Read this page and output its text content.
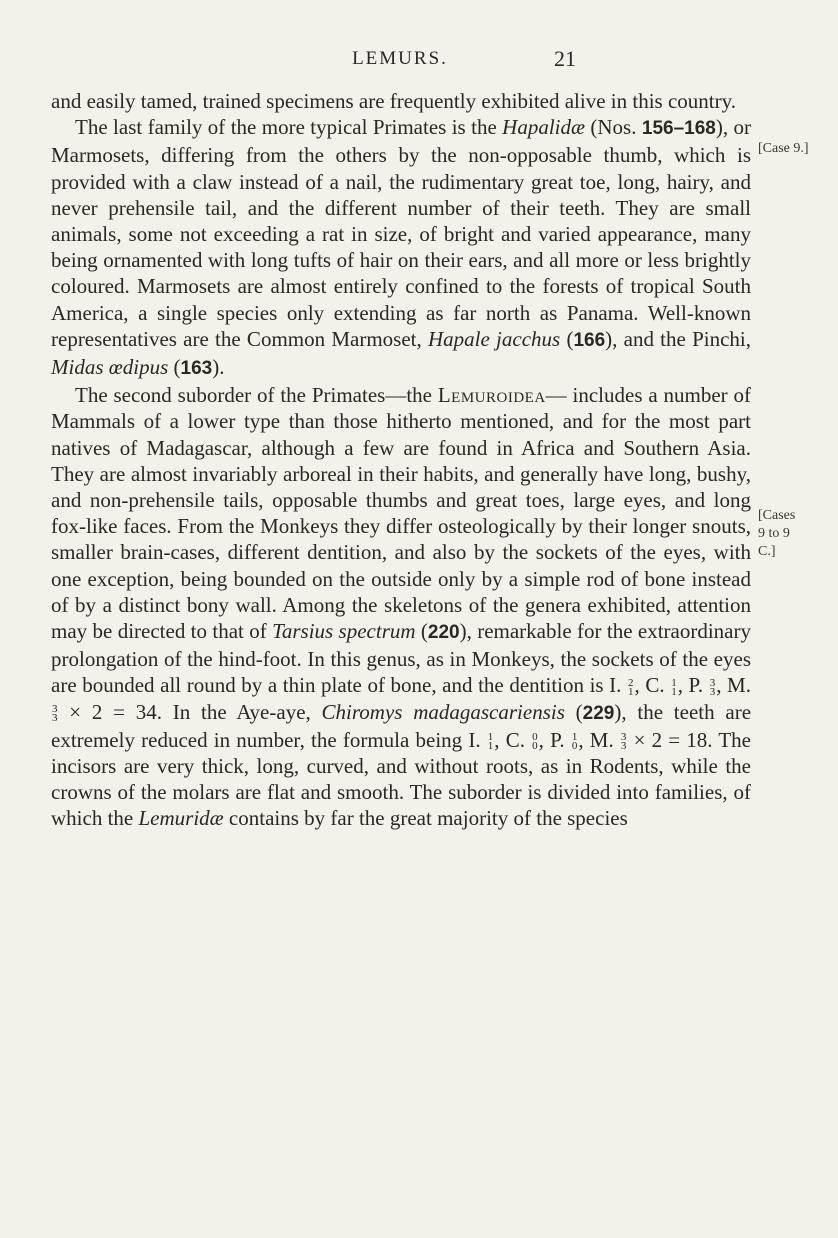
LEMURS.	21
[Case 9.]
[Cases 9 to 9 C.]

and easily tamed, trained specimens are frequently exhibited alive in this country.

The last family of the more typical Primates is the Hapalidæ (Nos. 156–168), or Marmosets, differing from the others by the non-opposable thumb, which is provided with a claw instead of a nail, the rudimentary great toe, long, hairy, and never prehensile tail, and the different number of their teeth. They are small animals, some not exceeding a rat in size, of bright and varied appearance, many being ornamented with long tufts of hair on their ears, and all more or less brightly coloured. Marmosets are almost entirely confined to the forests of tropical South America, a single species only extending as far north as Panama. Well-known representatives are the Common Marmoset, Hapale jacchus (166), and the Pinchi, Midas œdipus (163).

The second suborder of the Primates—the Lemuroidea— includes a number of Mammals of a lower type than those hitherto mentioned, and for the most part natives of Madagascar, although a few are found in Africa and Southern Asia. They are almost invariably arboreal in their habits, and generally have long, bushy, and non-prehensile tails, opposable thumbs and great toes, large eyes, and long fox-like faces. From the Monkeys they differ osteologically by their longer snouts, smaller brain-cases, different dentition, and also by the sockets of the eyes, with one exception, being bounded on the outside only by a simple rod of bone instead of by a distinct bony wall. Among the skeletons of the genera exhibited, attention may be directed to that of Tarsius spectrum (220), remarkable for the extraordinary prolongation of the hind-foot. In this genus, as in Monkeys, the sockets of the eyes are bounded all round by a thin plate of bone, and the dentition is I. 2
1 , C. 1
1 , P. 3
3 , M.
3
3 × 2 = 34. In the Aye-aye, Chiromys madagascariensis (229), the teeth are extremely reduced in number, the formula being I. 1
1 , C. 0
0 , P. 1
0 , M. 3
3 × 2 = 18. The incisors are very thick, long, curved, and without roots, as in Rodents, while the crowns of the molars are flat and smooth. The suborder is divided into families, of which the Lemuridæ contains by far the great majority of the species
